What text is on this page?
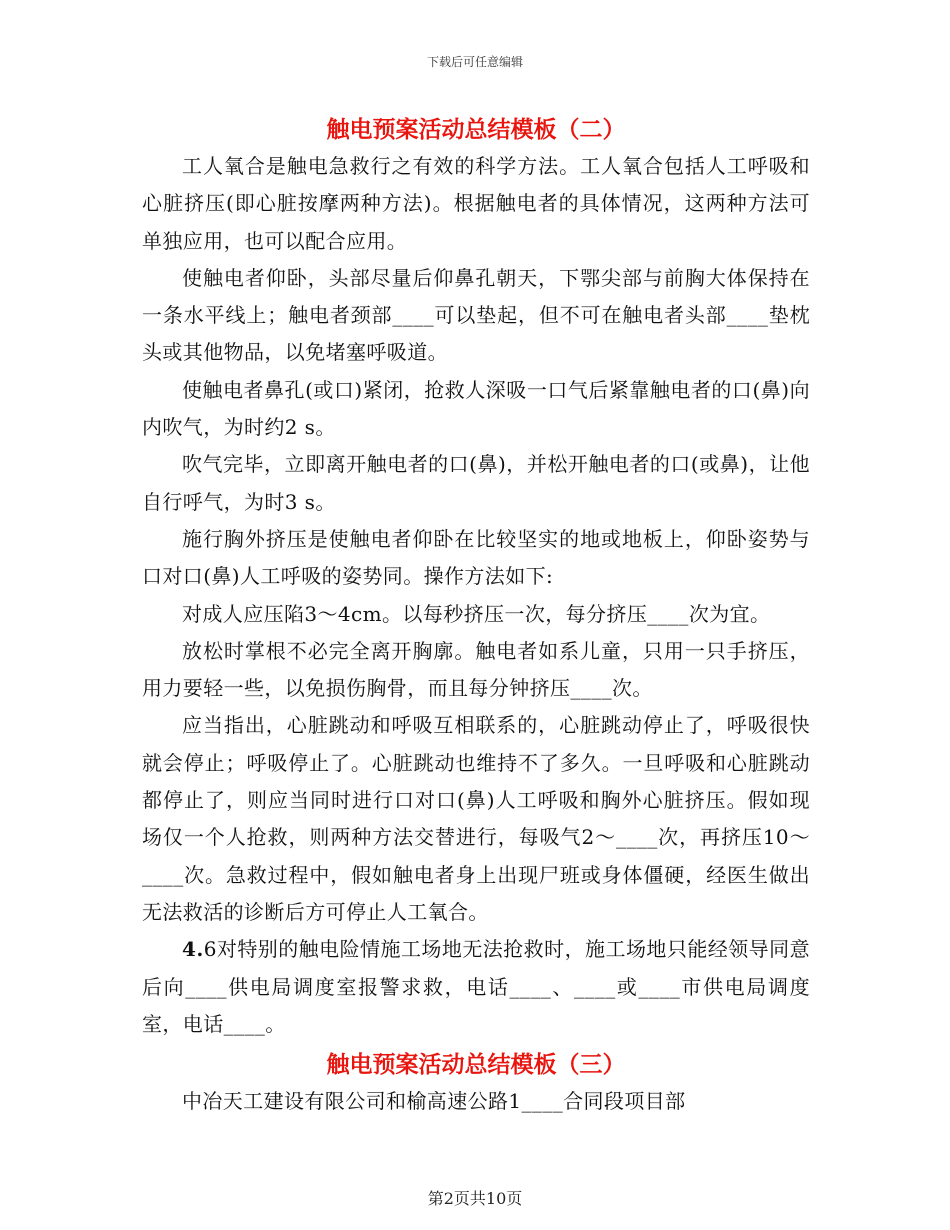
下载后可任意编辑
触电预案活动总结模板（二）

工人氧合是触电急救行之有效的科学方法。工人氧合包括人工呼吸和心脏挤压(即心脏按摩两种方法)。根据触电者的具体情况，这两种方法可单独应用，也可以配合应用。

使触电者仰卧，头部尽量后仰鼻孔朝天，下鄂尖部与前胸大体保持在一条水平线上；触电者颈部____可以垫起，但不可在触电者头部____垫枕头或其他物品，以免堵塞呼吸道。

使触电者鼻孔(或口)紧闭，抢救人深吸一口气后紧靠触电者的口(鼻)向内吹气，为时约2 s。

吹气完毕，立即离开触电者的口(鼻)，并松开触电者的口(或鼻)，让他自行呼气，为时3 s。

施行胸外挤压是使触电者仰卧在比较坚实的地或地板上，仰卧姿势与口对口(鼻)人工呼吸的姿势同。操作方法如下:

对成人应压陷3～4cm。以每秒挤压一次，每分挤压____次为宜。

放松时掌根不必完全离开胸廓。触电者如系儿童，只用一只手挤压，用力要轻一些，以免损伤胸骨，而且每分钟挤压____次。

应当指出，心脏跳动和呼吸互相联系的，心脏跳动停止了，呼吸很快就会停止；呼吸停止了。心脏跳动也维持不了多久。一旦呼吸和心脏跳动都停止了，则应当同时进行口对口(鼻)人工呼吸和胸外心脏挤压。假如现场仅一个人抢救，则两种方法交替进行，每吸气2～____次，再挤压10～____次。急救过程中，假如触电者身上出现尸班或身体僵硬，经医生做出无法救活的诊断后方可停止人工氧合。

4.6对特别的触电险情施工场地无法抢救时，施工场地只能经领导同意后向____供电局调度室报警求救，电话____、____或____市供电局调度室，电话____。

触电预案活动总结模板（三）

中冶天工建设有限公司和榆高速公路1____合同段项目部

第2页共10页
